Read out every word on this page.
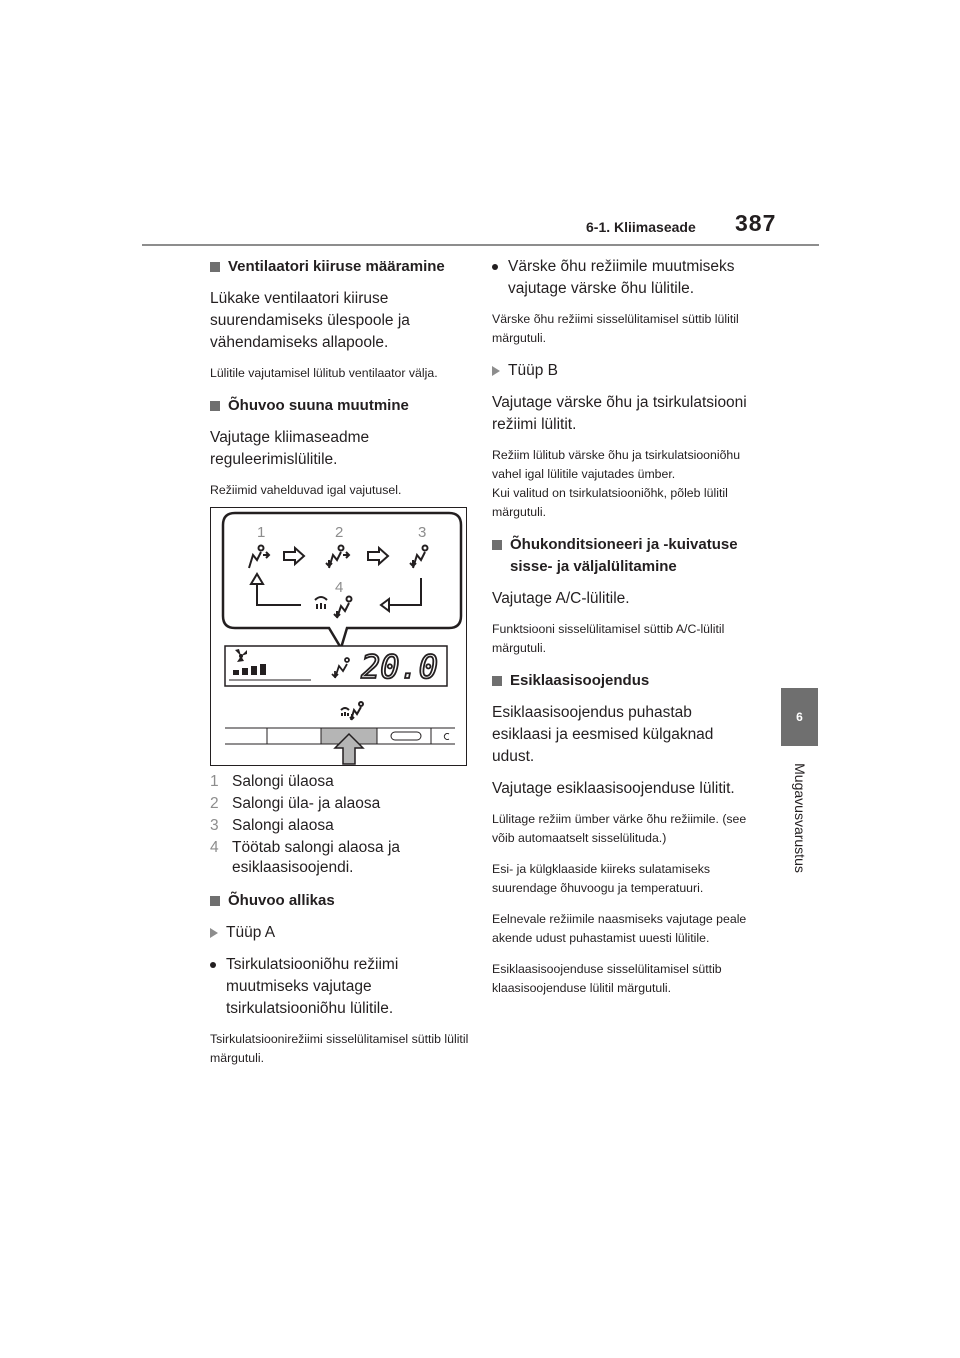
6-1. Kliimaseade 387
6
Mugavusvarustus
Ventilaatori kiiruse määramine
Lükake ventilaatori kiiruse suurendamiseks ülespoole ja vähendamiseks allapoole.
Lülitile vajutamisel lülitub ventilaator välja.
Õhuvoo suuna muutmine
Vajutage kliimaseadme reguleerimislülitile.
Režiimid vahelduvad igal vajutusel.
1	2	3
4
20.0
1 Salongi ülaosa
2 Salongi üla- ja alaosa
3 Salongi alaosa
4 Töötab salongi alaosa ja esiklaasisoojendi.
Õhuvoo allikas
Tüüp A
Tsirkulatsiooniõhu režiimi muutmiseks vajutage tsirkulatsiooniõhu lülitile.
Tsirkulatsioonirežiimi sisselülitamisel süttib lülitil märgutuli.
Värske õhu režiimile muutmiseks vajutage värske õhu lülitile.
Värske õhu režiimi sisselülitamisel süttib lülitil märgutuli.
Tüüp B
Vajutage värske õhu ja tsirkulatsiooni režiimi lülitit.
Režiim lülitub värske õhu ja tsirkulatsiooniõhu vahel igal lülitile vajutades ümber.
Kui valitud on tsirkulatsiooniõhk, põleb lülitil märgutuli.
Õhukonditsioneeri ja -kuivatuse sisse- ja väljalülitamine
Vajutage A/C-lülitile.
Funktsiooni sisselülitamisel süttib A/C-lülitil märgutuli.
Esiklaasisoojendus
Esiklaasisoojendus puhastab esiklaasi ja eesmised külgaknad udust.
Vajutage esiklaasisoojenduse lülitit.
Lülitage režiim ümber värke õhu režiimile. (see võib automaatselt sisselülituda.)
Esi- ja külgklaaside kiireks sulatamiseks suurendage õhuvoogu ja temperatuuri.
Eelnevale režiimile naasmiseks vajutage peale akende udust puhastamist uuesti lülitile.
Esiklaasisoojenduse sisselülitamisel süttib klaasisoojenduse lülitil märgutuli.
